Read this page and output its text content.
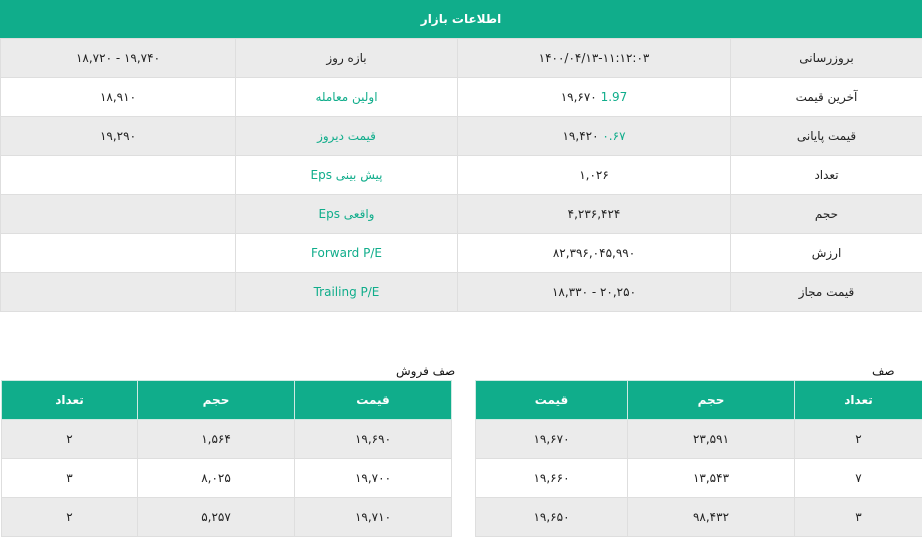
اطلاعات بازار
۱۸,۷۲۰ - ۱۹,۷۴۰	بازه روز	۱۴۰۰/۰۴/۱۳-۱۱:۱۲:۰۳	بروزرسانی
۱۸,۹۱۰	اولین معامله	۱۹,۶۷۰ 1.97	آخرین قیمت
۱۹,۲۹۰	قیمت دیروز	۱۹,۴۲۰ ۰.۶۷	قیمت پایانی
	Eps پیش بینی	۱,۰۲۶	تعداد
	Eps واقعی	۴,۲۳۶,۴۲۴	حجم
	Forward P/E	۸۲,۳۹۶,۰۴۵,۹۹۰	ارزش
	Trailing P/E	۱۸,۳۳۰ - ۲۰,۲۵۰	قیمت مجاز
صف فروش
تعداد	حجم	قیمت
۲	۱,۵۶۴	۱۹,۶۹۰
۳	۸,۰۲۵	۱۹,۷۰۰
۲	۵,۲۵۷	۱۹,۷۱۰
صف
قیمت	حجم	تعداد
۱۹,۶۷۰	۲۳,۵۹۱	۲
۱۹,۶۶۰	۱۳,۵۴۳	۷
۱۹,۶۵۰	۹۸,۴۳۲	۳
